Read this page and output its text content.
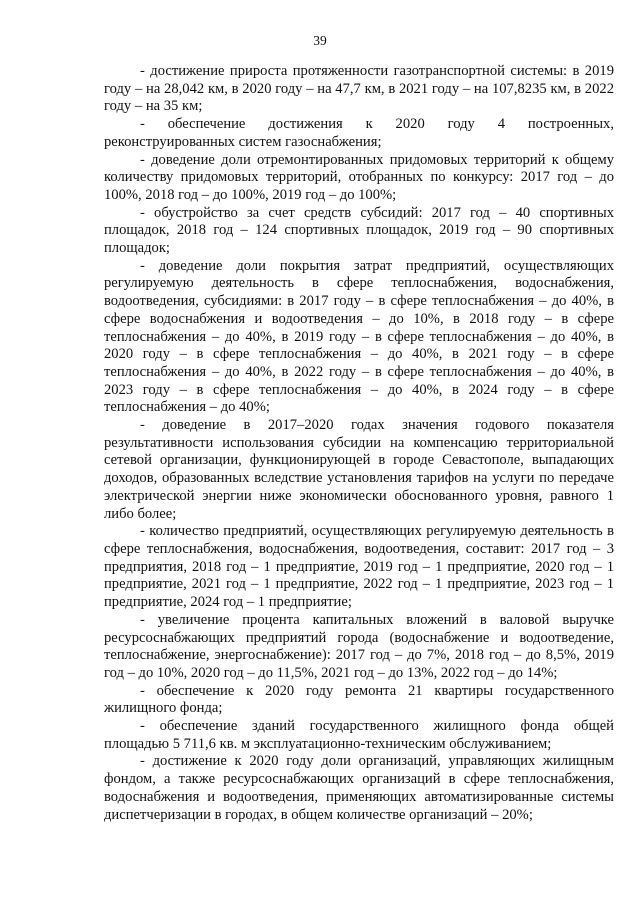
39

- достижение прироста протяженности газотранспортной системы: в 2019 году – на 28,042 км, в 2020 году – на 47,7 км, в 2021 году – на 107,8235 км, в 2022 году – на 35 км;

- обеспечение достижения к 2020 году 4 построенных, реконструированных систем газоснабжения;

- доведение доли отремонтированных придомовых территорий к общему количеству придомовых территорий, отобранных по конкурсу: 2017 год – до 100%, 2018 год – до 100%, 2019 год – до 100%;

- обустройство за счет средств субсидий: 2017 год – 40 спортивных площадок, 2018 год – 124 спортивных площадок, 2019 год – 90 спортивных площадок;

- доведение доли покрытия затрат предприятий, осуществляющих регулируемую деятельность в сфере теплоснабжения, водоснабжения, водоотведения, субсидиями: в 2017 году – в сфере теплоснабжения – до 40%, в сфере водоснабжения и водоотведения – до 10%, в 2018 году – в сфере теплоснабжения – до 40%, в 2019 году – в сфере теплоснабжения – до 40%, в 2020 году – в сфере теплоснабжения – до 40%, в 2021 году – в сфере теплоснабжения – до 40%, в 2022 году – в сфере теплоснабжения – до 40%, в 2023 году – в сфере теплоснабжения – до 40%, в 2024 году – в сфере теплоснабжения – до 40%;

- доведение в 2017–2020 годах значения годового показателя результативности использования субсидии на компенсацию территориальной сетевой организации, функционирующей в городе Севастополе, выпадающих доходов, образованных вследствие установления тарифов на услуги по передаче электрической энергии ниже экономически обоснованного уровня, равного 1 либо более;

- количество предприятий, осуществляющих регулируемую деятельность в сфере теплоснабжения, водоснабжения, водоотведения, составит: 2017 год – 3 предприятия, 2018 год – 1 предприятие, 2019 год – 1 предприятие, 2020 год – 1 предприятие, 2021 год – 1 предприятие, 2022 год – 1 предприятие, 2023 год – 1 предприятие, 2024 год – 1 предприятие;

- увеличение процента капитальных вложений в валовой выручке ресурсоснабжающих предприятий города (водоснабжение и водоотведение, теплоснабжение, энергоснабжение): 2017 год – до 7%, 2018 год – до 8,5%, 2019 год – до 10%, 2020 год – до 11,5%, 2021 год – до 13%, 2022 год – до 14%;

- обеспечение к 2020 году ремонта 21 квартиры государственного жилищного фонда;

- обеспечение зданий государственного жилищного фонда общей площадью 5 711,6 кв. м эксплуатационно-техническим обслуживанием;

- достижение к 2020 году доли организаций, управляющих жилищным фондом, а также ресурсоснабжающих организаций в сфере теплоснабжения, водоснабжения и водоотведения, применяющих автоматизированные системы диспетчеризации в городах, в общем количестве организаций – 20%;
